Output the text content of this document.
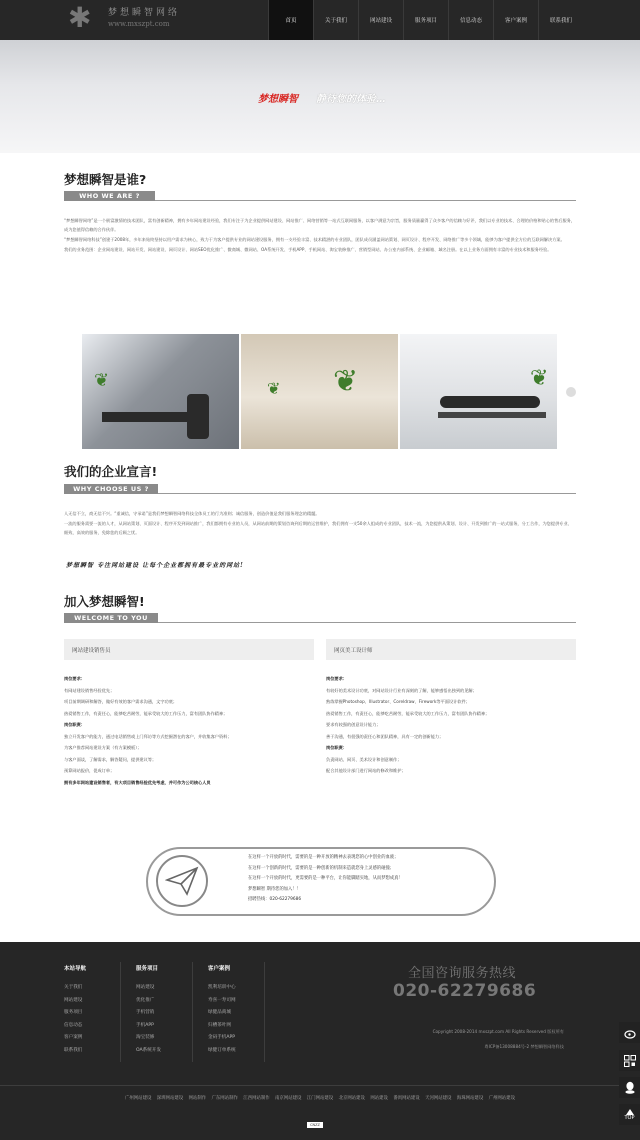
✱	梦想瞬智网络
www.mxszpt.com	首页	关于我们	网站建设	服务项目	信息动态	客户案例	联系我们
梦想瞬智 静待您的体验…
梦想瞬智是谁?
WHO WE ARE ?

“梦想瞬智网络”是一个极富激情的技术团队，富有创新精神，拥有多年网站建设经验，我们专注于为企业提供网站建设、网站推广、网络营销等一站式互联网服务，以客户满意为宗旨，服务质量赢得了众多客户的信赖与好评，我们以专业的技术、合理的价格和贴心的售后服务，成为您值得信赖的合作伙伴。

“梦想瞬智网络科技”创建于2008年，多年来始终坚持以用户需求为核心，致力于为客户提供专业的网站建设服务，拥有一支经验丰富、技术精湛的专业团队，团队成员涵盖网站策划、网页设计、程序开发、网络推广等多个领域，能够为客户提供全方位的互联网解决方案。

我们的业务范围：企业网站建设、网站开发、网站建设、网页设计、网站SEO优化推广、微商城、微网站、OA系统开发、手机APP、手机网站、淘宝装修推广、营销型网站、办公室内部系统、企业邮箱、域名注册。在以上业务方面拥有丰富的专业技术和服务经验。

❦	❦
❦	❦
我们的企业宣言!
WHY CHOOSE US ?

人无信不立，商无信不兴。“重诚信，守承诺”是我们梦想瞬智网络科技全体员工的行为准则；诚信服务，创造价值是我们服务理念的精髓。

一流的服务需要一流的人才，从网站策划、页面设计、程序开发到网站推广，我们都拥有专业的人员，从网站前期的策划咨询到后期的运营维护，我们拥有一支50余人组成的专业团队，技术一流，为您提供从策划、设计、开发到推广的一站式服务，分工合作，为您提供专业、细致、高效的服务，免除您的后顾之忧。

梦想瞬智 专注网站建设 让每个企业都拥有最专业的网站!
加入梦想瞬智!
WELCOME TO YOU
网站建设销售员
岗位要求：
有网站建设销售经验优先；
项目前期调研和解答，做好有效的客户需求沟通，文字功底；
热爱销售工作，有责任心，能够吃苦耐劳，能承受较大的工作压力，富有团队协作精神；
岗位职责：
独立开发客户的能力，通过电话销售或上门拜访等方式挖掘潜在的客户，并收集客户资料；
为客户推荐网站建设方案（有方案模板）；
与客户面谈，了解需求，解答疑问，提供建议等；
预算网站报价，促成订单；
拥有多年网站建设销售者，有大项目销售经验优先考虑，并可作为公司核心人员
网页美工设计师
岗位要求：
有较好的美术设计功底，对网站设计行业有深刻的了解，能够感悟出独到的见解；
熟练掌握Photoshop、Illustrator、Coreldraw、Firework等平面设计软件；
热爱销售工作，有责任心，能够吃苦耐劳，能承受较大的工作压力，富有团队协作精神；
要求有较强的创意设计能力；
善于沟通，有很强的责任心和团队精神，具有一定的创新能力；
岗位职责：
负责网站、网页、美术设计和创意制作；
配合其他设计部门进行网站的修改和维护；
在这样一个开放的时代，需要的是一种开放的精神去表现您的心中创业的血液；
在这样一个创新的时代，需要的是一种创新的机制来造就您身上灵感的碰撞；
在这样一个开放的时代，更需要的是一种平台，让你能脚踏实地，从而梦想成真！
梦想瞬智 期待您的加入！！
招聘热线：020-62279686
本站导航
关于我们
网站建设
服务项目
信息动态
客户案例
联系我们
服务项目
网站建设
优化推广
手机营销
手机APP
淘宝装修
OA系统开发
客户案例
凯利培训中心
寿喜一寿司网
绿健品商城
归槽茶叶网
金码手机APP
绿健订单系统
全国咨询服务热线
020-62279686
Copyright 2008-2014 mxszpt.com All Rights Reserved 版权所有
粤ICP备13008884号-2 梦想瞬智网络科技
广州网站建设 深圳网站建设 网站制作 广东网站制作 江西网站制作 南京网站建设 江门网站建设 北京网站建设 网站建设 番禺网站建设 天河网站建设 海珠网站建设 广州网站建设
CNZZ
TOP
